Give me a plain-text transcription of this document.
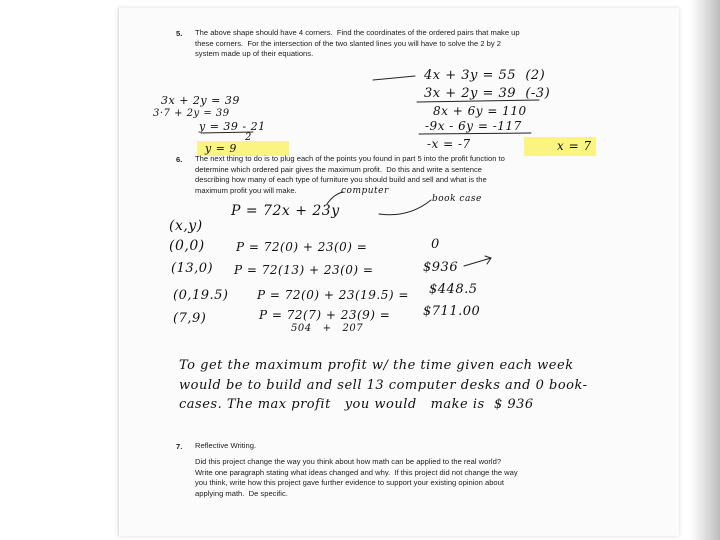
5. The above shape should have 4 corners.  Find the coordinates of the ordered pairs that make up
these corners.  For the intersection of the two slanted lines you will have to solve the 2 by 2
system made up of their equations.
4x + 3y = 55  (2)
3x + 2y = 39  (-3)
8x + 6y = 110
-9x - 6y = -117
-x = -7	x = 7
3x + 2y = 39
3·7 + 2y = 39
y = 39 - 21
2
y = 9
6. The next thing to do is to plug each of the points you found in part 5 into the profit function to
determine which ordered pair gives the maximum profit.  Do this and write a sentence
describing how many of each type of furniture you should build and sell and what is the
maximum profit you will make.	computer
book case
P = 72x + 23y
(x,y)
(0,0)	P = 72(0) + 23(0) =	0
(13,0) P = 72(13) + 23(0) =	$936
(0,19.5) P = 72(0) + 23(19.5) = $448.5
(7,9)	P = 72(7) + 23(9) =	$711.00
504   +   207
To get the maximum profit w/ the time given each week
would be to build and sell 13 computer desks and 0 book-
cases. The max profit   you would   make is  $ 936
7. Reflective Writing.
Did this project change the way you think about how math can be applied to the real world?
Write one paragraph stating what ideas changed and why.  If this project did not change the way
you think, write how this project gave further evidence to support your existing opinion about
applying math.  De specific.
